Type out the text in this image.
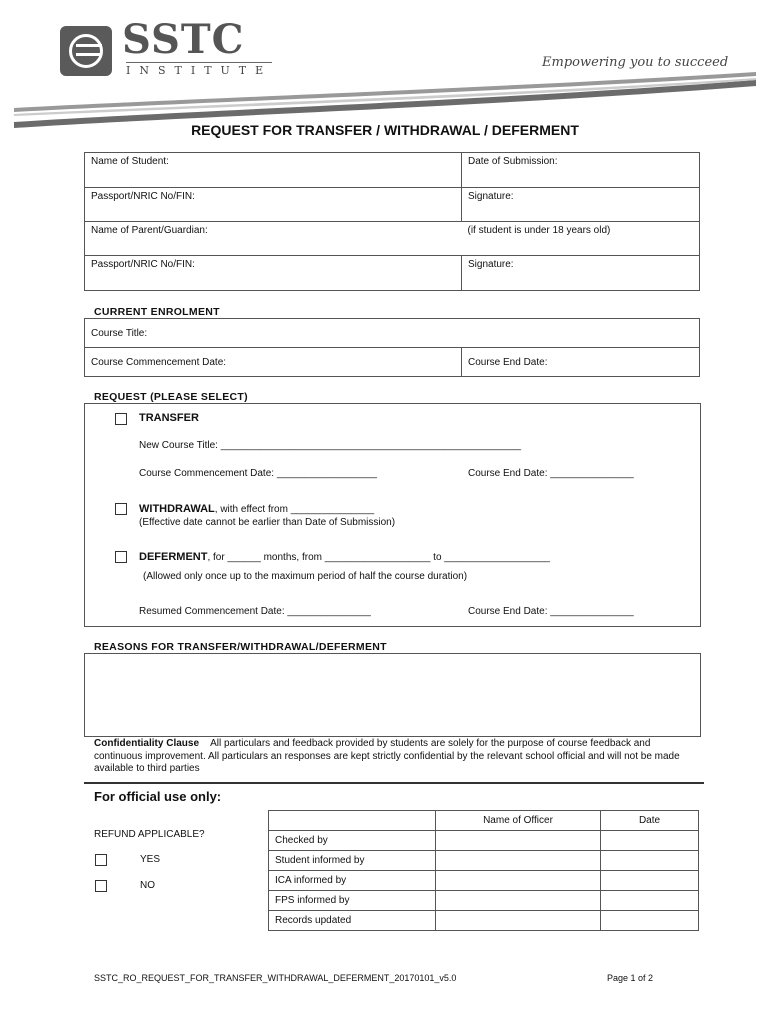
SSTC
INSTITUTE
Empowering you to succeed
REQUEST FOR TRANSFER / WITHDRAWAL / DEFERMENT
Name of Student:	Date of Submission:
Passport/NRIC No/FIN:	Signature:
Name of Parent/Guardian:	(if student is under 18 years old)
Passport/NRIC No/FIN:	Signature:
CURRENT ENROLMENT
Course Title:
Course Commencement Date:	Course End Date:
REQUEST (PLEASE SELECT)
TRANSFER
New Course Title: ______________________________________________________
Course Commencement Date: __________________	Course End Date: _______________
WITHDRAWAL, with effect from _______________
(Effective date cannot be earlier than Date of Submission)
DEFERMENT, for ______ months, from ___________________ to ___________________
(Allowed only once up to the maximum period of half the course duration)
Resumed Commencement Date: _______________	Course End Date: _______________
REASONS FOR TRANSFER/WITHDRAWAL/DEFERMENT
Confidentiality Clause All particulars and feedback provided by students are solely for the purpose of course feedback and continuous improvement. All particulars an responses are kept strictly confidential by the relevant school official and will not be made available to third parties
For official use only:
REFUND APPLICABLE?
YES
NO
	Name of Officer	Date
Checked by		
Student informed by		
ICA informed by		
FPS informed by		
Records updated		
SSTC_RO_REQUEST_FOR_TRANSFER_WITHDRAWAL_DEFERMENT_20170101_v5.0	Page 1 of 2
